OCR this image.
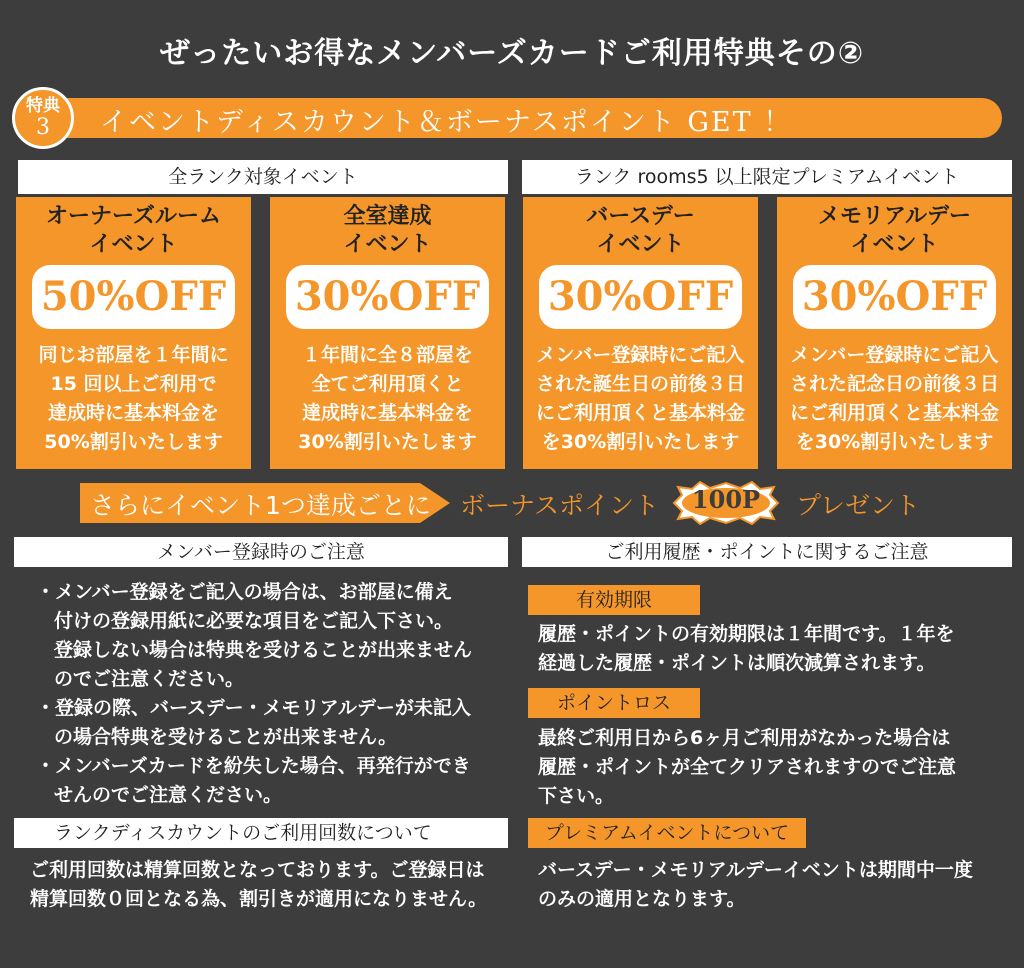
ぜったいお得なメンバーズカードご利用特典その②
イベントディスカウント＆ボーナスポイント GET ！
特典
3
全ランク対象イベント	ランク rooms5 以上限定プレミアムイベント
オーナーズルーム
イベント
50%OFF
同じお部屋を１年間に
15 回以上ご利用で
達成時に基本料金を
50%割引いたします
全室達成
イベント
30%OFF
１年間に全８部屋を
全てご利用頂くと
達成時に基本料金を
30%割引いたします
バースデー
イベント
30%OFF
メンバー登録時にご記入
された誕生日の前後３日
にご利用頂くと基本料金
を30%割引いたします
メモリアルデー
イベント
30%OFF
メンバー登録時にご記入
された記念日の前後３日
にご利用頂くと基本料金
を30%割引いたします
さらにイベント1つ達成ごとに ボーナスポイント	100P	プレゼント
メンバー登録時のご注意
・メンバー登録をご記入の場合は、お部屋に備え
付けの登録用紙に必要な項目をご記入下さい。
登録しない場合は特典を受けることが出来ません
のでご注意ください。
・登録の際、バースデー・メモリアルデーが未記入
の場合特典を受けることが出来ません。
・メンバーズカードを紛失した場合、再発行ができ
せんのでご注意ください。
ランクディスカウントのご利用回数について
ご利用回数は精算回数となっております。ご登録日は
精算回数０回となる為、割引きが適用になりません。
ご利用履歴・ポイントに関するご注意
有効期限
履歴・ポイントの有効期限は１年間です。１年を
経過した履歴・ポイントは順次減算されます。
ポイントロス
最終ご利用日から6ヶ月ご利用がなかった場合は
履歴・ポイントが全てクリアされますのでご注意
下さい。
プレミアムイベントについて
バースデー・メモリアルデーイベントは期間中一度
のみの適用となります。
